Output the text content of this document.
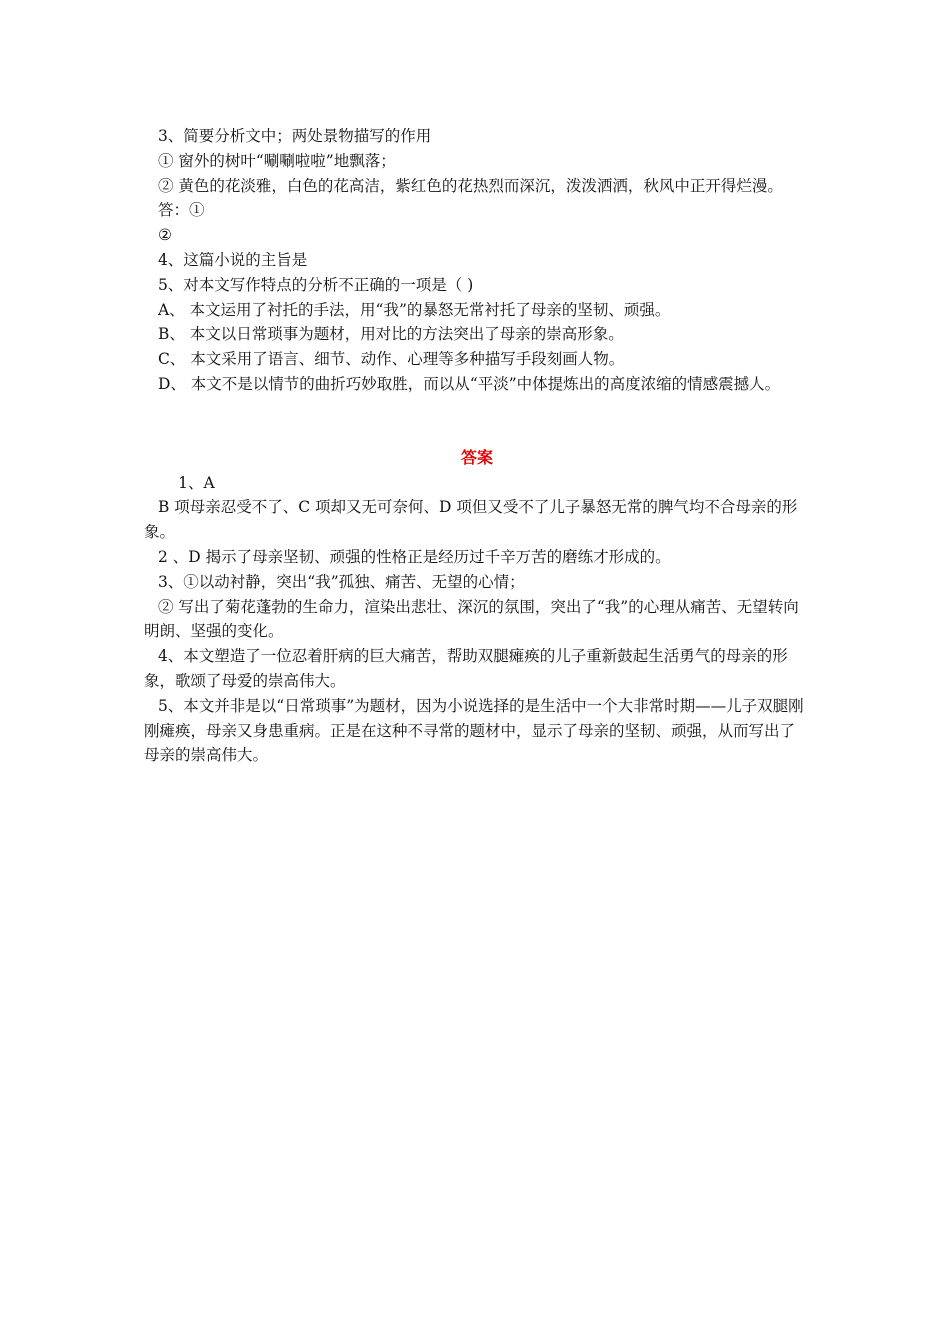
3、简要分析文中；两处景物描写的作用
① 窗外的树叶“唰唰啦啦”地飘落；
② 黄色的花淡雅，白色的花高洁，紫红色的花热烈而深沉，泼泼洒洒，秋风中正开得烂漫。
答：①
②
4、这篇小说的主旨是
5、对本文写作特点的分析不正确的一项是（ )
A、 本文运用了衬托的手法，用“我”的暴怒无常衬托了母亲的坚韧、顽强。
B、 本文以日常琐事为题材，用对比的方法突出了母亲的崇高形象。
C、 本文采用了语言、细节、动作、心理等多种描写手段刻画人物。
D、 本文不是以情节的曲折巧妙取胜，而以从“平淡”中体提炼出的高度浓缩的情感震撼人。
答案
1、A
B 项母亲忍受不了、C 项却又无可奈何、D 项但又受不了儿子暴怒无常的脾气均不合母亲的形象。
2 、D 揭示了母亲坚韧、顽强的性格正是经历过千辛万苦的磨练才形成的。
3、①以动衬静，突出“我”孤独、痛苦、无望的心情；
② 写出了菊花蓬勃的生命力，渲染出悲壮、深沉的氛围，突出了“我”的心理从痛苦、无望转向明朗、坚强的变化。
4、本文塑造了一位忍着肝病的巨大痛苦，帮助双腿瘫痪的儿子重新鼓起生活勇气的母亲的形象，歌颂了母爱的崇高伟大。
5、本文并非是以“日常琐事”为题材，因为小说选择的是生活中一个大非常时期——儿子双腿刚刚瘫痪，母亲又身患重病。正是在这种不寻常的题材中，显示了母亲的坚韧、顽强，从而写出了母亲的崇高伟大。
